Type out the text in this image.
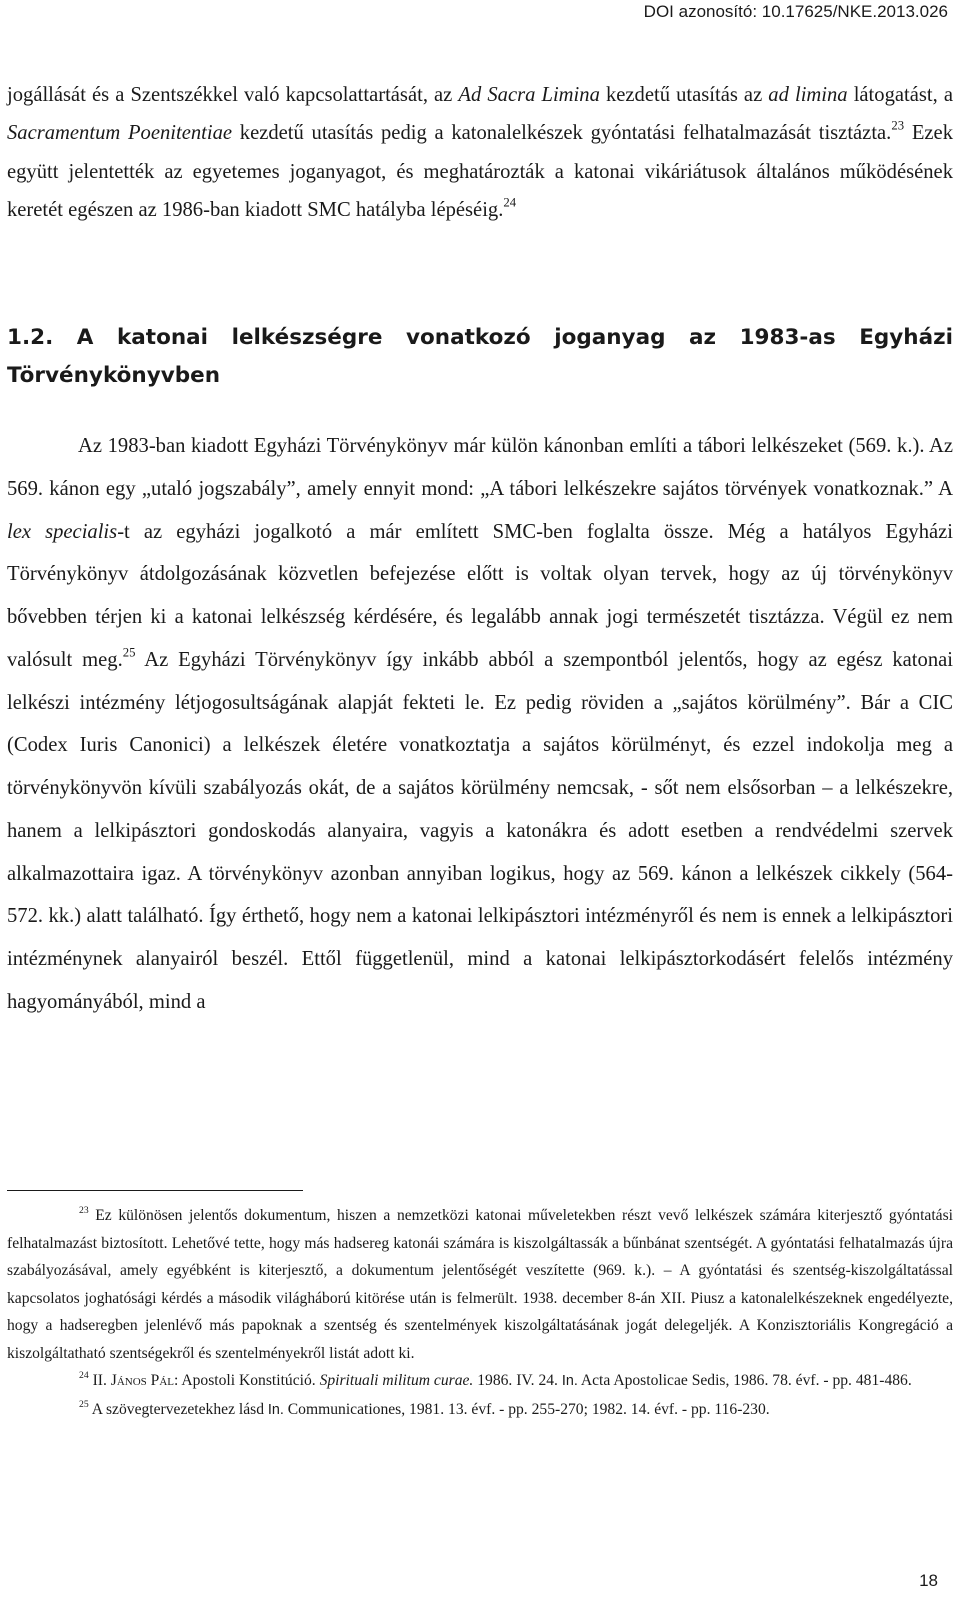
DOI azonosító: 10.17625/NKE.2013.026

jogállását és a Szentszékkel való kapcsolattartását, az Ad Sacra Limina kezdetű utasítás az ad limina látogatást, a Sacramentum Poenitentiae kezdetű utasítás pedig a katonalelkészek gyóntatási felhatalmazását tisztázta.$^{23}$ Ezek együtt jelentették az egyetemes joganyagot, és meghatározták a katonai vikáriátusok általános működésének keretét egészen az 1986-ban kiadott SMC hatályba lépéséig.$^{24}$

1.2. A katonai lelkészségre vonatkozó joganyag az 1983-as Egyházi Törvénykönyvben

Az 1983-ban kiadott Egyházi Törvénykönyv már külön kánonban említi a tábori lelkészeket (569. k.). Az 569. kánon egy „utaló jogszabály”, amely ennyit mond: „A tábori lelkészekre sajátos törvények vonatkoznak.” A lex specialis-t az egyházi jogalkotó a már említett SMC-ben foglalta össze. Még a hatályos Egyházi Törvénykönyv átdolgozásának közvetlen befejezése előtt is voltak olyan tervek, hogy az új törvénykönyv bővebben térjen ki a katonai lelkészség kérdésére, és legalább annak jogi természetét tisztázza. Végül ez nem valósult meg.$^{25}$ Az Egyházi Törvénykönyv így inkább abból a szempontból jelentős, hogy az egész katonai lelkészi intézmény létjogosultságának alapját fekteti le. Ez pedig röviden a „sajátos körülmény”. Bár a CIC (Codex Iuris Canonici) a lelkészek életére vonatkoztatja a sajátos körülményt, és ezzel indokolja meg a törvénykönyvön kívüli szabályozás okát, de a sajátos körülmény nemcsak, - sőt nem elsősorban – a lelkészekre, hanem a lelkipásztori gondoskodás alanyaira, vagyis a katonákra és adott esetben a rendvédelmi szervek alkalmazottaira igaz. A törvénykönyv azonban annyiban logikus, hogy az 569. kánon a lelkészek cikkely (564-572. kk.) alatt található. Így érthető, hogy nem a katonai lelkipásztori intézményről és nem is ennek a lelkipásztori intézménynek alanyairól beszél. Ettől függetlenül, mind a katonai lelkipásztorkodásért felelős intézmény hagyományából, mind a

$^{23}$ Ez különösen jelentős dokumentum, hiszen a nemzetközi katonai műveletekben részt vevő lelkészek számára kiterjesztő gyóntatási felhatalmazást biztosított. Lehetővé tette, hogy más hadsereg katonái számára is kiszolgáltassák a bűnbánat szentségét. A gyóntatási felhatalmazás újra szabályozásával, amely egyébként is kiterjesztő, a dokumentum jelentőségét veszítette (969. k.). – A gyóntatási és szentség-kiszolgáltatással kapcsolatos joghatósági kérdés a második világháború kitörése után is felmerült. 1938. december 8-án XII. Piusz a katonalelkészeknek engedélyezte, hogy a hadseregben jelenlévő más papoknak a szentség és szentelmények kiszolgáltatásának jogát delegeljék. A Konzisztoriális Kongregáció a kiszolgáltatható szentségekről és szentelményekről listát adott ki.

$^{24}$ II. János Pál: Apostoli Konstitúció. Spirituali militum curae. 1986. IV. 24. In. Acta Apostolicae Sedis, 1986. 78. évf. - pp. 481-486.

$^{25}$ A szövegtervezetekhez lásd In. Communicationes, 1981. 13. évf. - pp. 255-270; 1982. 14. évf. - pp. 116-230.

18
